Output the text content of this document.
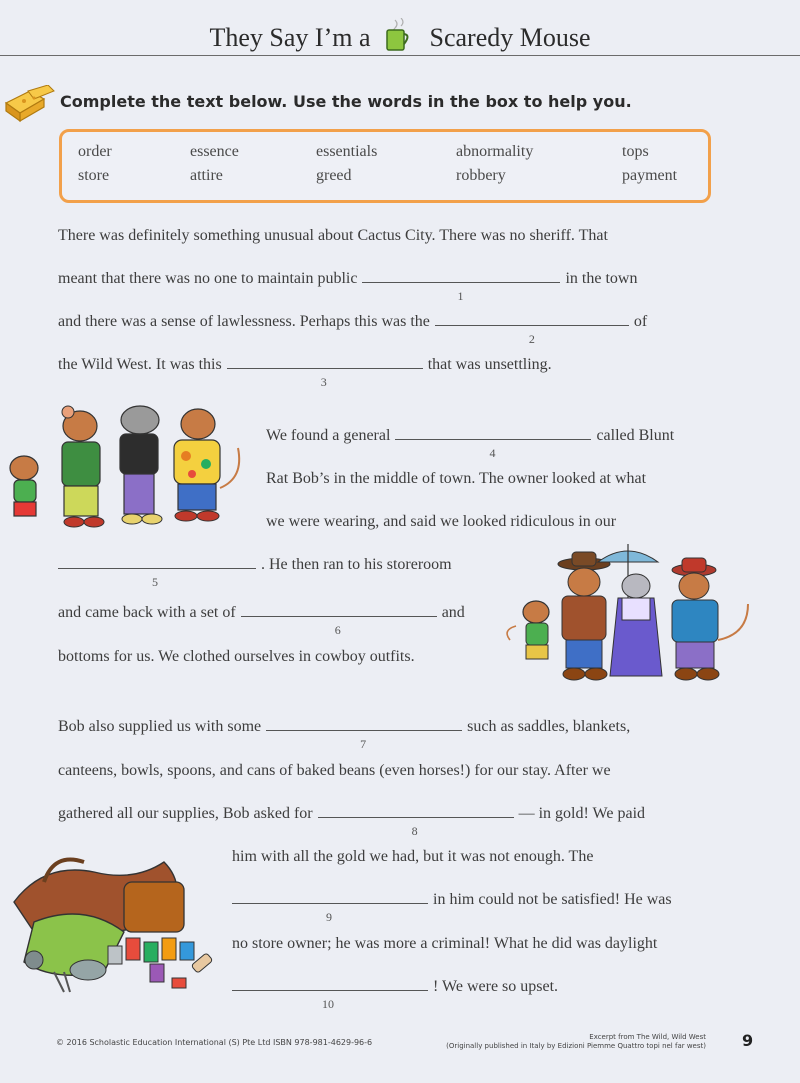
They Say I’m a Scaredy Mouse
Complete the text below. Use the words in the box to help you.
order	essence	essentials	abnormality	tops
store	attire	greed	robbery	payment
There was definitely something unusual about Cactus City. There was no sheriff. That
meant that there was no one to maintain public
1
in the town
and there was a sense of lawlessness. Perhaps this was the
2
of
the Wild West. It was this
3
that was unsettling.
We found a general
4
called Blunt
Rat Bob’s in the middle of town. The owner looked at what
we were wearing, and said we looked ridiculous in our
5
. He then ran to his storeroom
and came back with a set of
6
and
bottoms for us. We clothed ourselves in cowboy outfits.
Bob also supplied us with some
7
such as saddles, blankets,
canteens, bowls, spoons, and cans of baked beans (even horses!) for our stay. After we
gathered all our supplies, Bob asked for
8
— in gold! We paid
him with all the gold we had, but it was not enough. The
9
in him could not be satisfied! He was
no store owner; he was more a criminal! What he did was daylight
10
! We were so upset.
© 2016 Scholastic Education International (S) Pte Ltd ISBN 978-981-4629-96-6
Excerpt from The Wild, Wild West
(Originally published in Italy by Edizioni Piemme Quattro topi nel far west) 9
